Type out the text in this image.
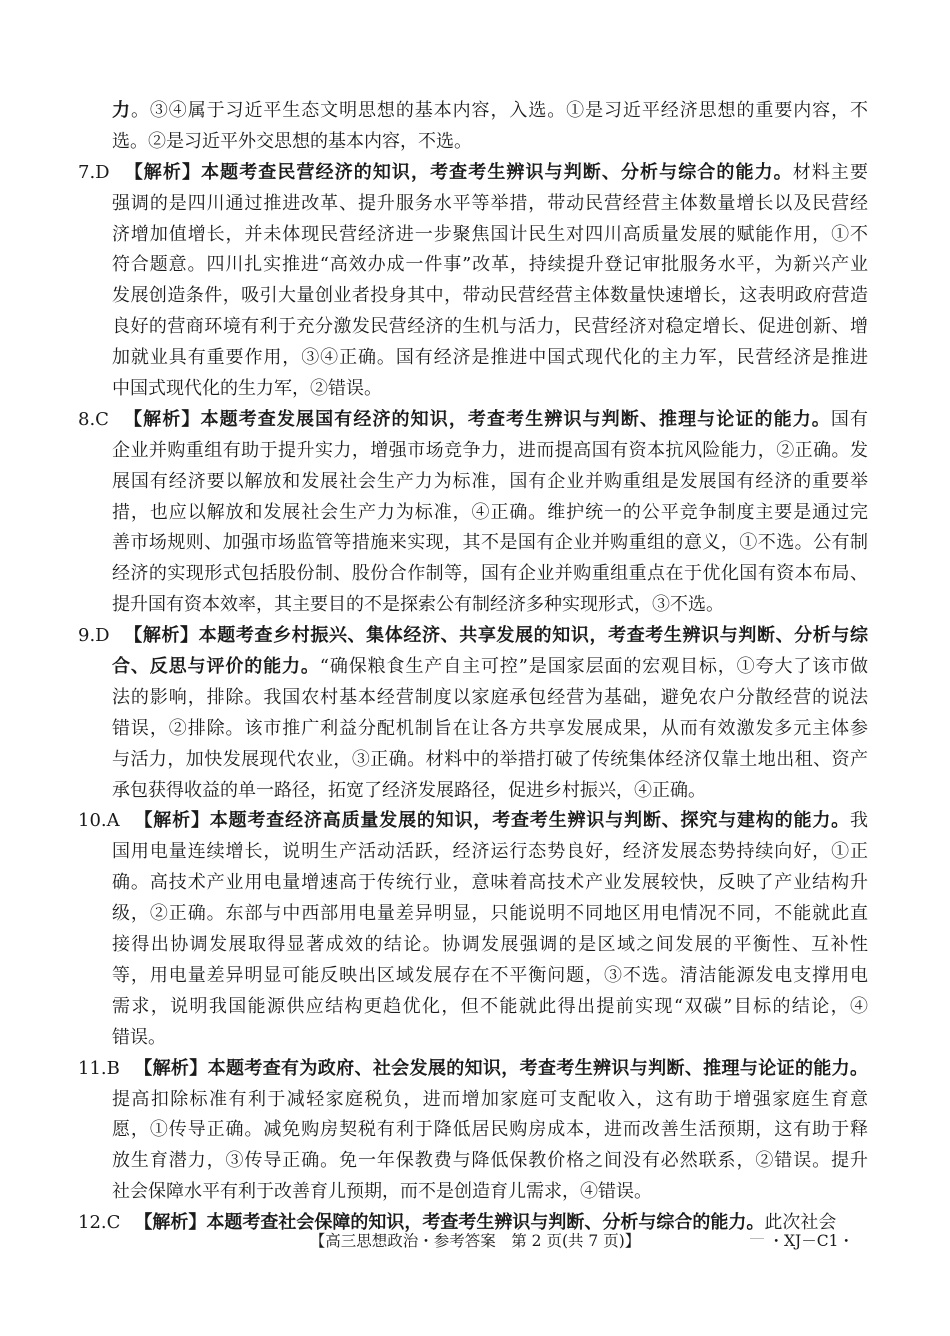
力。③④属于习近平生态文明思想的基本内容，入选。①是习近平经济思想的重要内容，不
选。②是习近平外交思想的基本内容，不选。
7.D 【解析】本题考查民营经济的知识，考查考生辨识与判断、分析与综合的能力。材料主要
强调的是四川通过推进改革、提升服务水平等举措，带动民营经营主体数量增长以及民营经
济增加值增长，并未体现民营经济进一步聚焦国计民生对四川高质量发展的赋能作用，①不
符合题意。四川扎实推进“高效办成一件事”改革，持续提升登记审批服务水平，为新兴产业
发展创造条件，吸引大量创业者投身其中，带动民营经营主体数量快速增长，这表明政府营造
良好的营商环境有利于充分激发民营经济的生机与活力，民营经济对稳定增长、促进创新、增
加就业具有重要作用，③④正确。国有经济是推进中国式现代化的主力军，民营经济是推进
中国式现代化的生力军，②错误。
8.C 【解析】本题考查发展国有经济的知识，考查考生辨识与判断、推理与论证的能力。国有
企业并购重组有助于提升实力，增强市场竞争力，进而提高国有资本抗风险能力，②正确。发
展国有经济要以解放和发展社会生产力为标准，国有企业并购重组是发展国有经济的重要举
措，也应以解放和发展社会生产力为标准，④正确。维护统一的公平竞争制度主要是通过完
善市场规则、加强市场监管等措施来实现，其不是国有企业并购重组的意义，①不选。公有制
经济的实现形式包括股份制、股份合作制等，国有企业并购重组重点在于优化国有资本布局、
提升国有资本效率，其主要目的不是探索公有制经济多种实现形式，③不选。
9.D 【解析】本题考查乡村振兴、集体经济、共享发展的知识，考查考生辨识与判断、分析与综
合、反思与评价的能力。“确保粮食生产自主可控”是国家层面的宏观目标，①夸大了该市做
法的影响，排除。我国农村基本经营制度以家庭承包经营为基础，避免农户分散经营的说法
错误，②排除。该市推广利益分配机制旨在让各方共享发展成果，从而有效激发多元主体参
与活力，加快发展现代农业，③正确。材料中的举措打破了传统集体经济仅靠土地出租、资产
承包获得收益的单一路径，拓宽了经济发展路径，促进乡村振兴，④正确。
10.A 【解析】本题考查经济高质量发展的知识，考查考生辨识与判断、探究与建构的能力。我
国用电量连续增长，说明生产活动活跃，经济运行态势良好，经济发展态势持续向好，①正
确。高技术产业用电量增速高于传统行业，意味着高技术产业发展较快，反映了产业结构升
级，②正确。东部与中西部用电量差异明显，只能说明不同地区用电情况不同，不能就此直
接得出协调发展取得显著成效的结论。协调发展强调的是区域之间发展的平衡性、互补性
等，用电量差异明显可能反映出区域发展存在不平衡问题，③不选。清洁能源发电支撑用电
需求，说明我国能源供应结构更趋优化，但不能就此得出提前实现“双碳”目标的结论，④
错误。
11.B 【解析】本题考查有为政府、社会发展的知识，考查考生辨识与判断、推理与论证的能力。
提高扣除标准有利于减轻家庭税负，进而增加家庭可支配收入，这有助于增强家庭生育意
愿，①传导正确。减免购房契税有利于降低居民购房成本，进而改善生活预期，这有助于释
放生育潜力，③传导正确。免一年保教费与降低保教价格之间没有必然联系，②错误。提升
社会保障水平有利于改善育儿预期，而不是创造育儿需求，④错误。
12.C 【解析】本题考查社会保障的知识，考查考生辨识与判断、分析与综合的能力。此次社会
【高三思想政治・参考答案　第 2 页(共 7 页)】	・XJ－C1・
